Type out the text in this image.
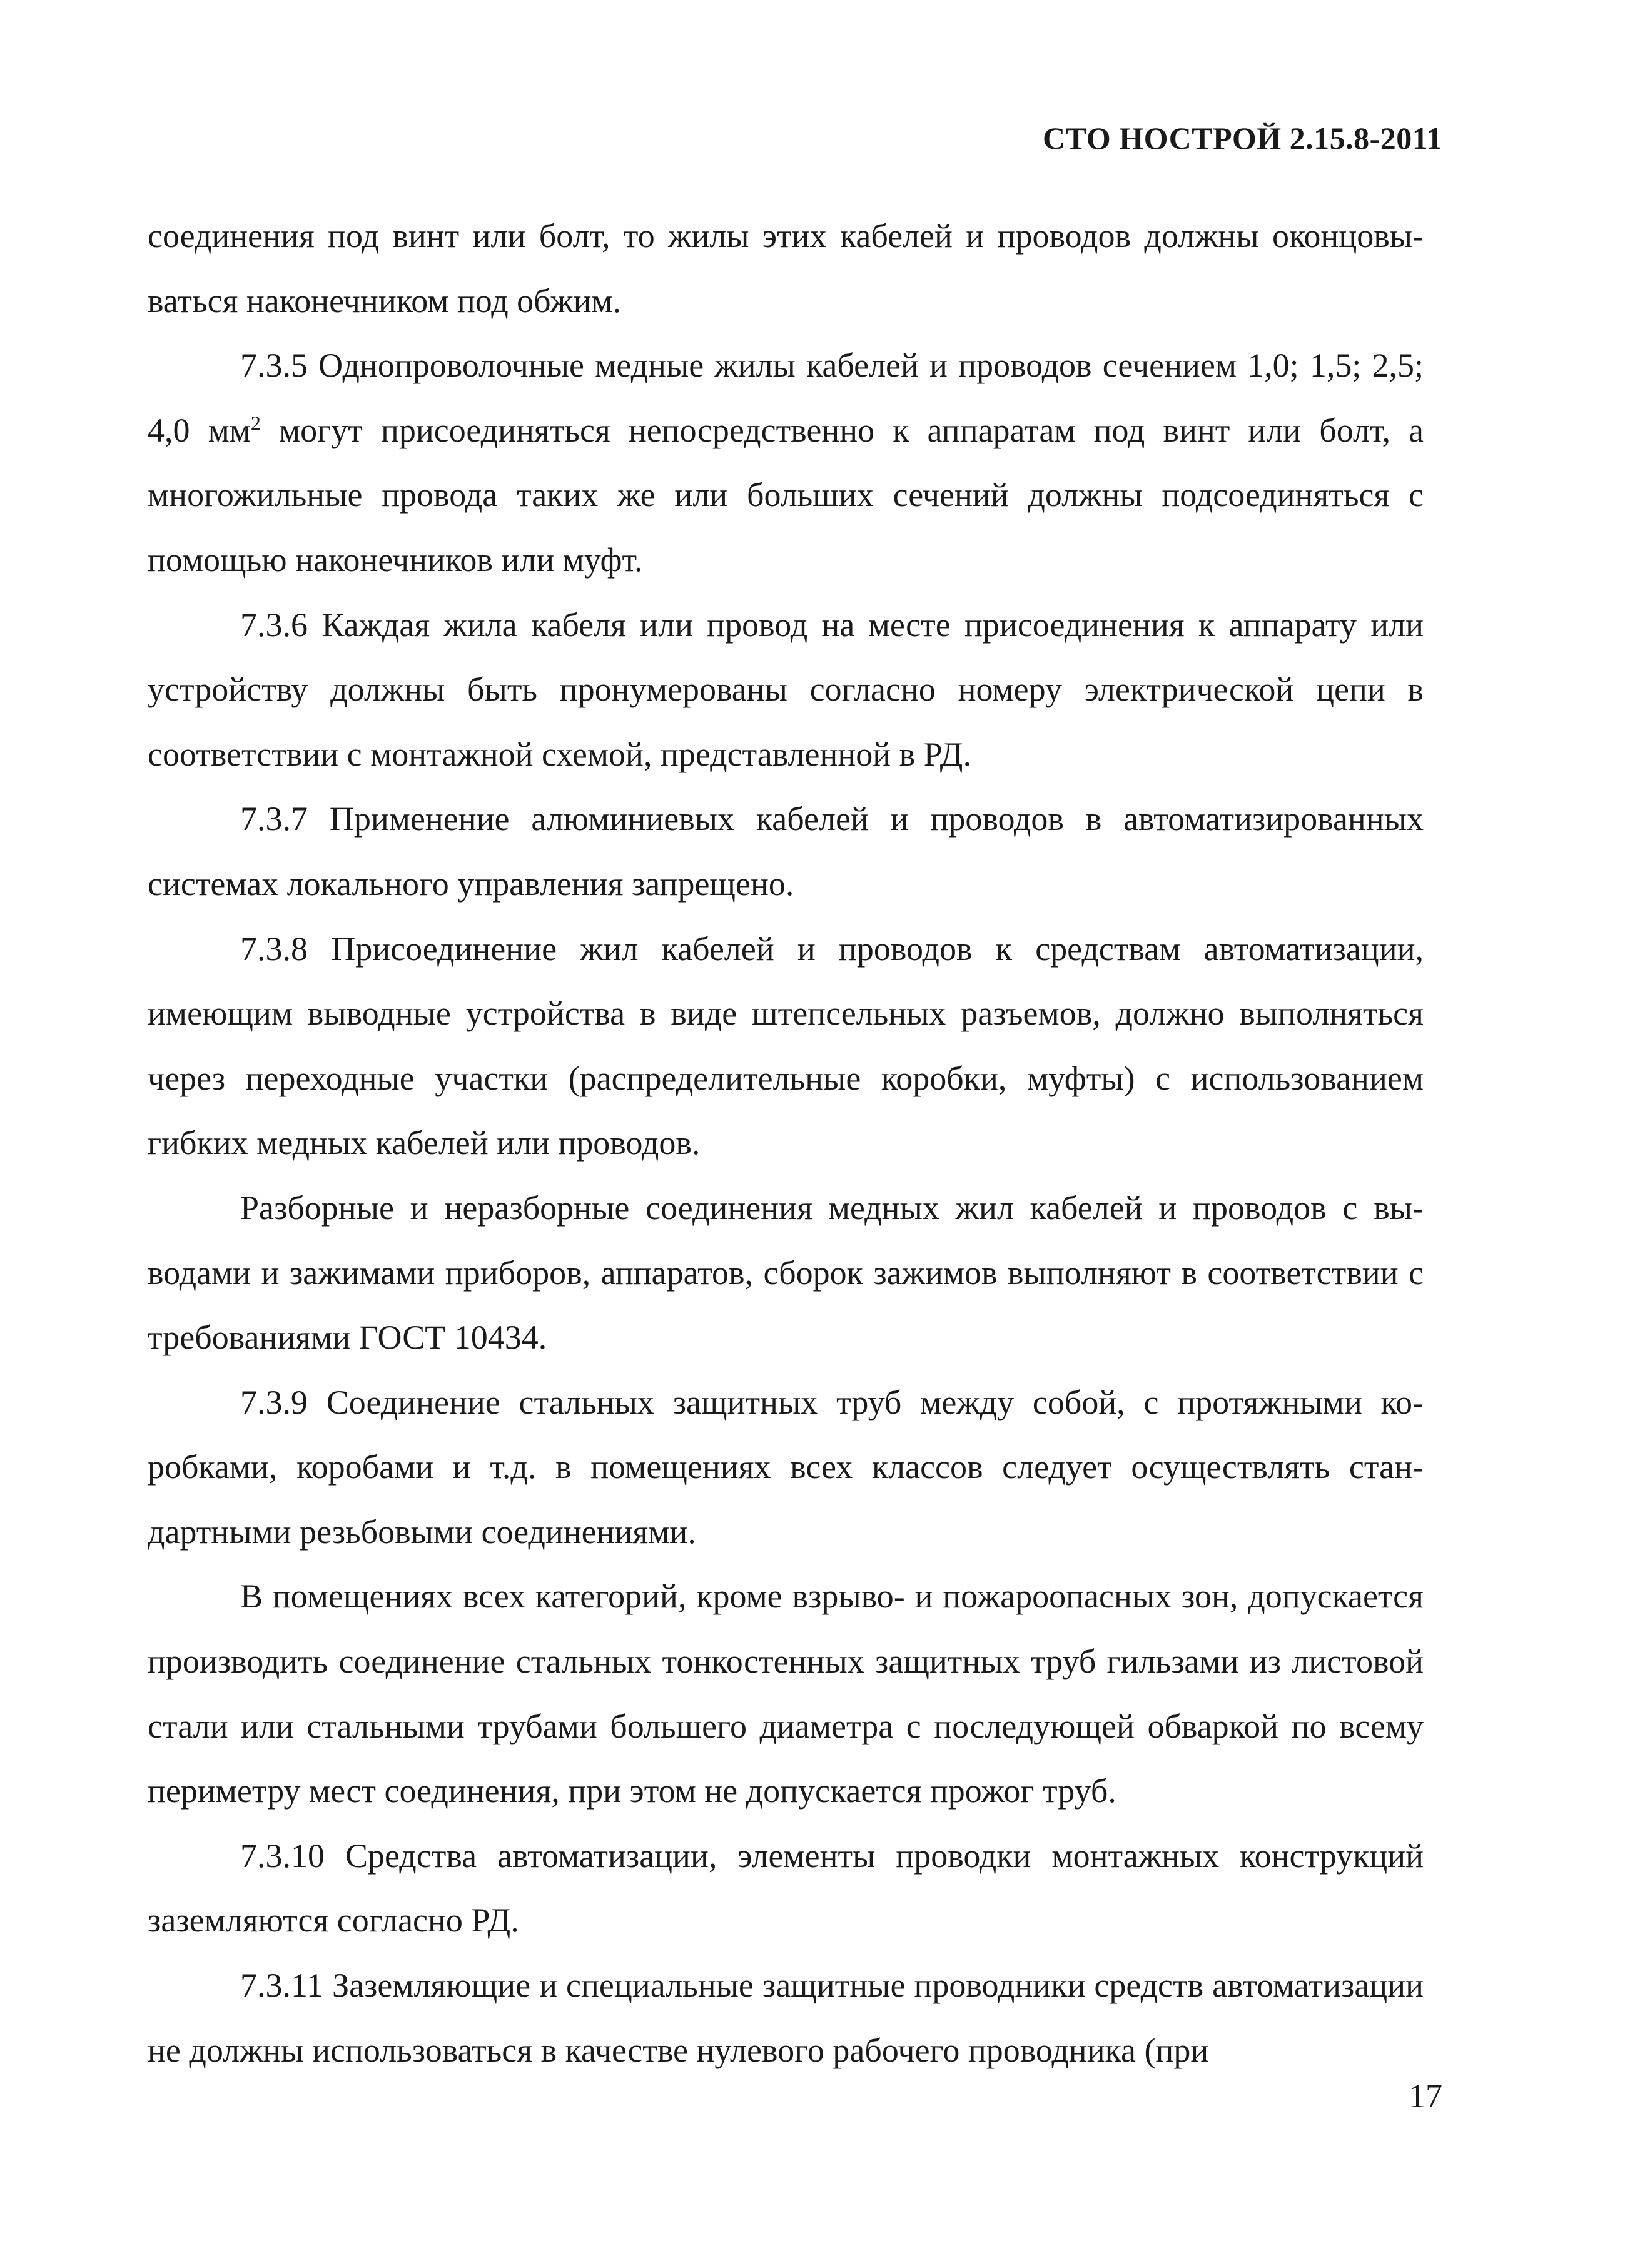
СТО НОСТРОЙ 2.15.8-2011

соединения под винт или болт, то жилы этих кабелей и проводов должны оконцовываться наконечником под обжим.

7.3.5 Однопроволочные медные жилы кабелей и проводов сечением 1,0; 1,5; 2,5; 4,0 $мм^2$ могут присоединяться непосредственно к аппаратам под винт или болт, а многожильные провода таких же или больших сечений должны подсоединяться с помощью наконечников или муфт.

7.3.6 Каждая жила кабеля или провод на месте присоединения к аппарату или устройству должны быть пронумерованы согласно номеру электрической цепи в соответствии с монтажной схемой, представленной в РД.

7.3.7 Применение алюминиевых кабелей и проводов в автоматизированных системах локального управления запрещено.

7.3.8 Присоединение жил кабелей и проводов к средствам автоматизации, имеющим выводные устройства в виде штепсельных разъемов, должно выполняться через переходные участки (распределительные коробки, муфты) с использованием гибких медных кабелей или проводов.

Разборные и неразборные соединения медных жил кабелей и проводов с выводами и зажимами приборов, аппаратов, сборок зажимов выполняют в соответствии с требованиями ГОСТ 10434.

7.3.9 Соединение стальных защитных труб между собой, с протяжными коробками, коробами и т.д. в помещениях всех классов следует осуществлять стандартными резьбовыми соединениями.

В помещениях всех категорий, кроме взрыво- и пожароопасных зон, допускается производить соединение стальных тонкостенных защитных труб гильзами из листовой стали или стальными трубами большего диаметра с последующей обваркой по всему периметру мест соединения, при этом не допускается прожог труб.

7.3.10 Средства автоматизации, элементы проводки монтажных конструкций заземляются согласно РД.

7.3.11 Заземляющие и специальные защитные проводники средств автоматизации не должны использоваться в качестве нулевого рабочего проводника (при

17
